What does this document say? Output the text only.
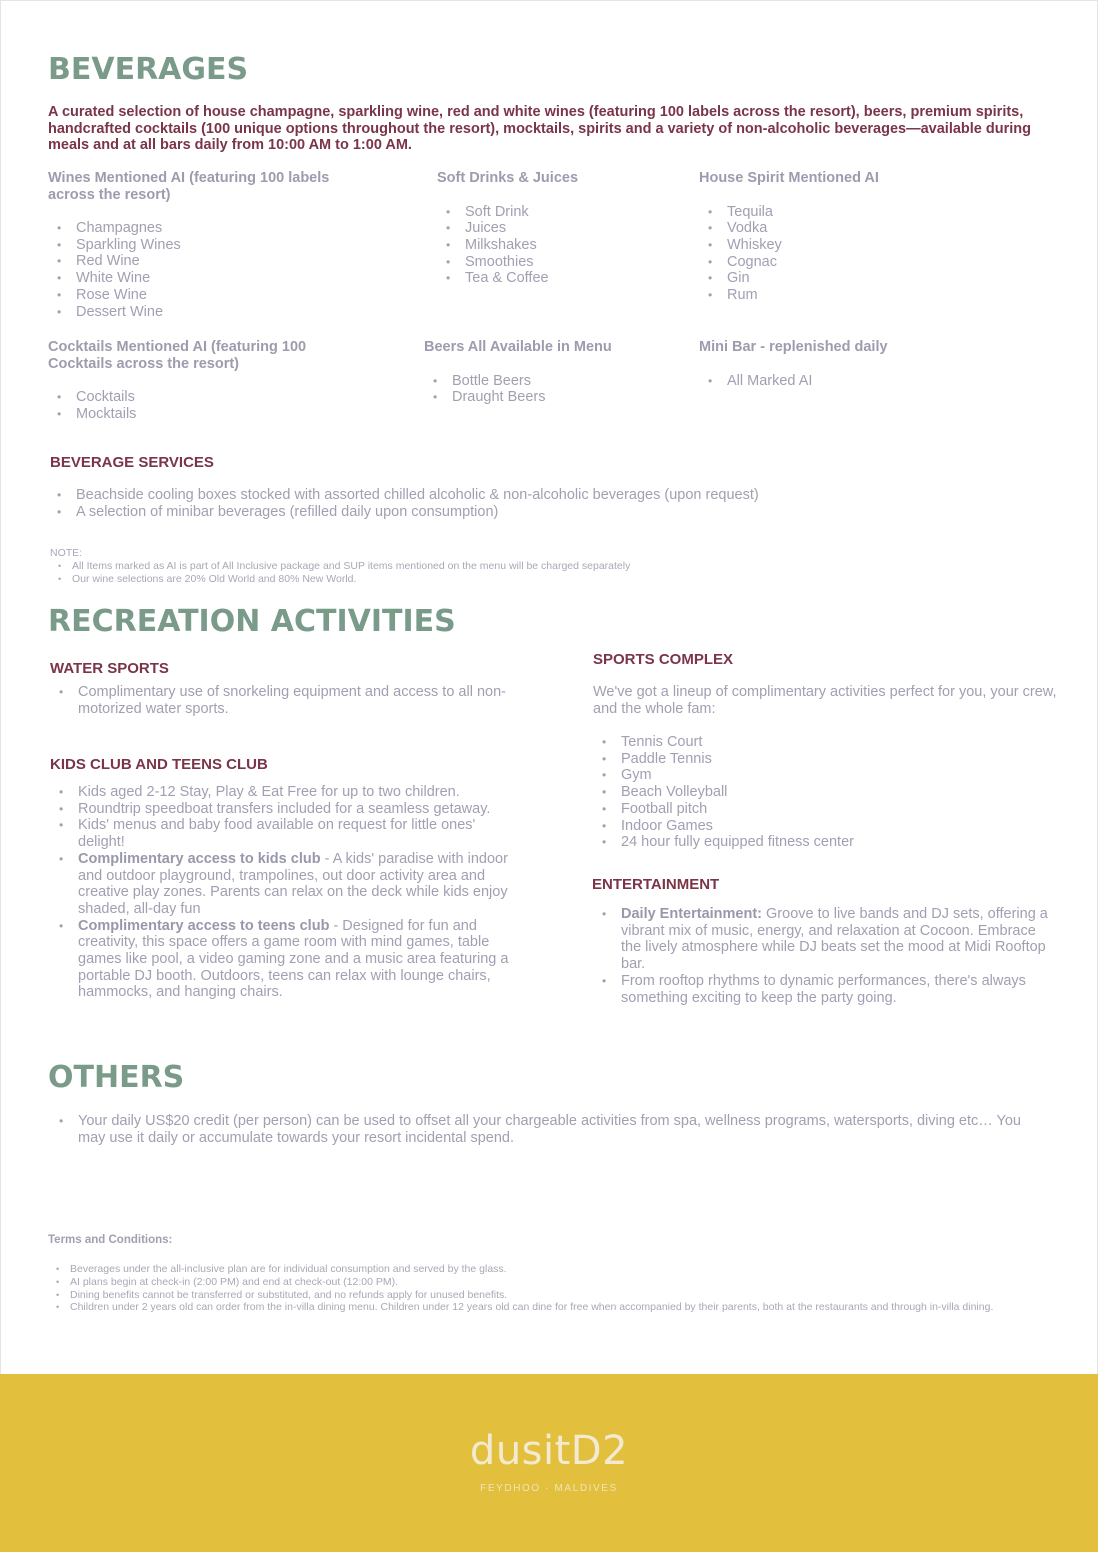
BEVERAGES
A curated selection of house champagne, sparkling wine, red and white wines (featuring 100 labels across the resort), beers, premium spirits, handcrafted cocktails (100 unique options throughout the resort), mocktails, spirits and a variety of non-alcoholic beverages—available during meals and at all bars daily from 10:00 AM to 1:00 AM.
Wines Mentioned AI (featuring 100 labels across the resort)
• Champagnes
• Sparkling Wines
• Red Wine
• White Wine
• Rose Wine
• Dessert Wine
Soft Drinks & Juices
• Soft Drink
• Juices
• Milkshakes
• Smoothies
• Tea & Coffee
House Spirit Mentioned AI
• Tequila
• Vodka
• Whiskey
• Cognac
• Gin
• Rum
Cocktails Mentioned AI (featuring 100 Cocktails across the resort)
• Cocktails
• Mocktails
Beers All Available in Menu
• Bottle Beers
• Draught Beers
Mini Bar - replenished daily
• All Marked AI
BEVERAGE SERVICES
• Beachside cooling boxes stocked with assorted chilled alcoholic & non-alcoholic beverages (upon request)
• A selection of minibar beverages (refilled daily upon consumption)
NOTE:
• All Items marked as AI is part of All Inclusive package and SUP items mentioned on the menu will be charged separately
• Our wine selections are 20% Old World and 80% New World.
RECREATION ACTIVITIES
WATER SPORTS
• Complimentary use of snorkeling equipment and access to all non-motorized water sports.
KIDS CLUB AND TEENS CLUB
• Kids aged 2-12 Stay, Play & Eat Free for up to two children.
• Roundtrip speedboat transfers included for a seamless getaway.
• Kids' menus and baby food available on request for little ones' delight!
• Complimentary access to kids club - A kids' paradise with indoor and outdoor playground, trampolines, out door activity area and creative play zones. Parents can relax on the deck while kids enjoy shaded, all-day fun
• Complimentary access to teens club - Designed for fun and creativity, this space offers a game room with mind games, table games like pool, a video gaming zone and a music area featuring a portable DJ booth. Outdoors, teens can relax with lounge chairs, hammocks, and hanging chairs.
SPORTS COMPLEX
We've got a lineup of complimentary activities perfect for you, your crew, and the whole fam:
• Tennis Court
• Paddle Tennis
• Gym
• Beach Volleyball
• Football pitch
• Indoor Games
• 24 hour fully equipped fitness center
ENTERTAINMENT
• Daily Entertainment: Groove to live bands and DJ sets, offering a vibrant mix of music, energy, and relaxation at Cocoon. Embrace the lively atmosphere while DJ beats set the mood at Midi Rooftop bar.
• From rooftop rhythms to dynamic performances, there's always something exciting to keep the party going.
OTHERS
• Your daily US$20 credit (per person) can be used to offset all your chargeable activities from spa, wellness programs, watersports, diving etc… You may use it daily or accumulate towards your resort incidental spend.
Terms and Conditions:
• Beverages under the all-inclusive plan are for individual consumption and served by the glass.
• AI plans begin at check-in (2:00 PM) and end at check-out (12:00 PM).
• Dining benefits cannot be transferred or substituted, and no refunds apply for unused benefits.
• Children under 2 years old can order from the in-villa dining menu. Children under 12 years old can dine for free when accompanied by their parents, both at the restaurants and through in-villa dining.
dusitD2
FEYDHOO · MALDIVES
